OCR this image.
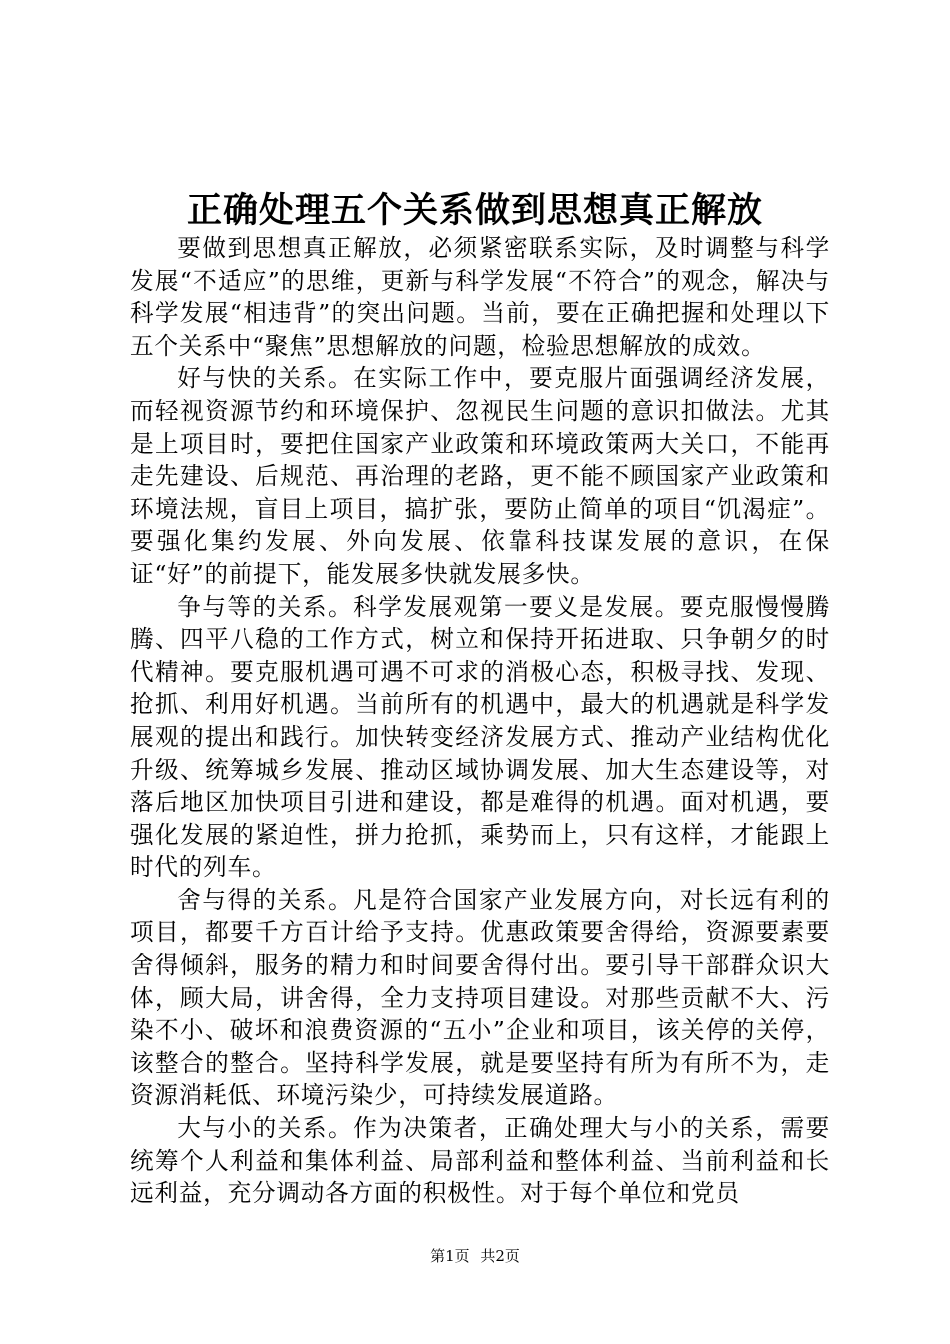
正确处理五个关系做到思想真正解放

要做到思想真正解放，必须紧密联系实际，及时调整与科学发展“不适应”的思维，更新与科学发展“不符合”的观念，解决与科学发展“相违背”的突出问题。当前，要在正确把握和处理以下五个关系中“聚焦”思想解放的问题，检验思想解放的成效。

好与快的关系。在实际工作中，要克服片面强调经济发展，而轻视资源节约和环境保护、忽视民生问题的意识扣做法。尤其是上项目时，要把住国家产业政策和环境政策两大关口，不能再走先建设、后规范、再治理的老路，更不能不顾国家产业政策和环境法规，盲目上项目，搞扩张，要防止简单的项目“饥渴症”。要强化集约发展、外向发展、依靠科技谋发展的意识，在保证“好”的前提下，能发展多快就发展多快。

争与等的关系。科学发展观第一要义是发展。要克服慢慢腾腾、四平八稳的工作方式，树立和保持开拓进取、只争朝夕的时代精神。要克服机遇可遇不可求的消极心态，积极寻找、发现、抢抓、利用好机遇。当前所有的机遇中，最大的机遇就是科学发展观的提出和践行。加快转变经济发展方式、推动产业结构优化升级、统筹城乡发展、推动区域协调发展、加大生态建设等，对落后地区加快项目引进和建设，都是难得的机遇。面对机遇，要强化发展的紧迫性，拼力抢抓，乘势而上，只有这样，才能跟上时代的列车。

舍与得的关系。凡是符合国家产业发展方向，对长远有利的项目，都要千方百计给予支持。优惠政策要舍得给，资源要素要舍得倾斜，服务的精力和时间要舍得付出。要引导干部群众识大体，顾大局，讲舍得，全力支持项目建设。对那些贡献不大、污染不小、破坏和浪费资源的“五小”企业和项目，该关停的关停，该整合的整合。坚持科学发展，就是要坚持有所为有所不为，走资源消耗低、环境污染少，可持续发展道路。

大与小的关系。作为决策者，正确处理大与小的关系，需要统筹个人利益和集体利益、局部利益和整体利益、当前利益和长远利益，充分调动各方面的积极性。对于每个单位和党员

第1页 共2页
